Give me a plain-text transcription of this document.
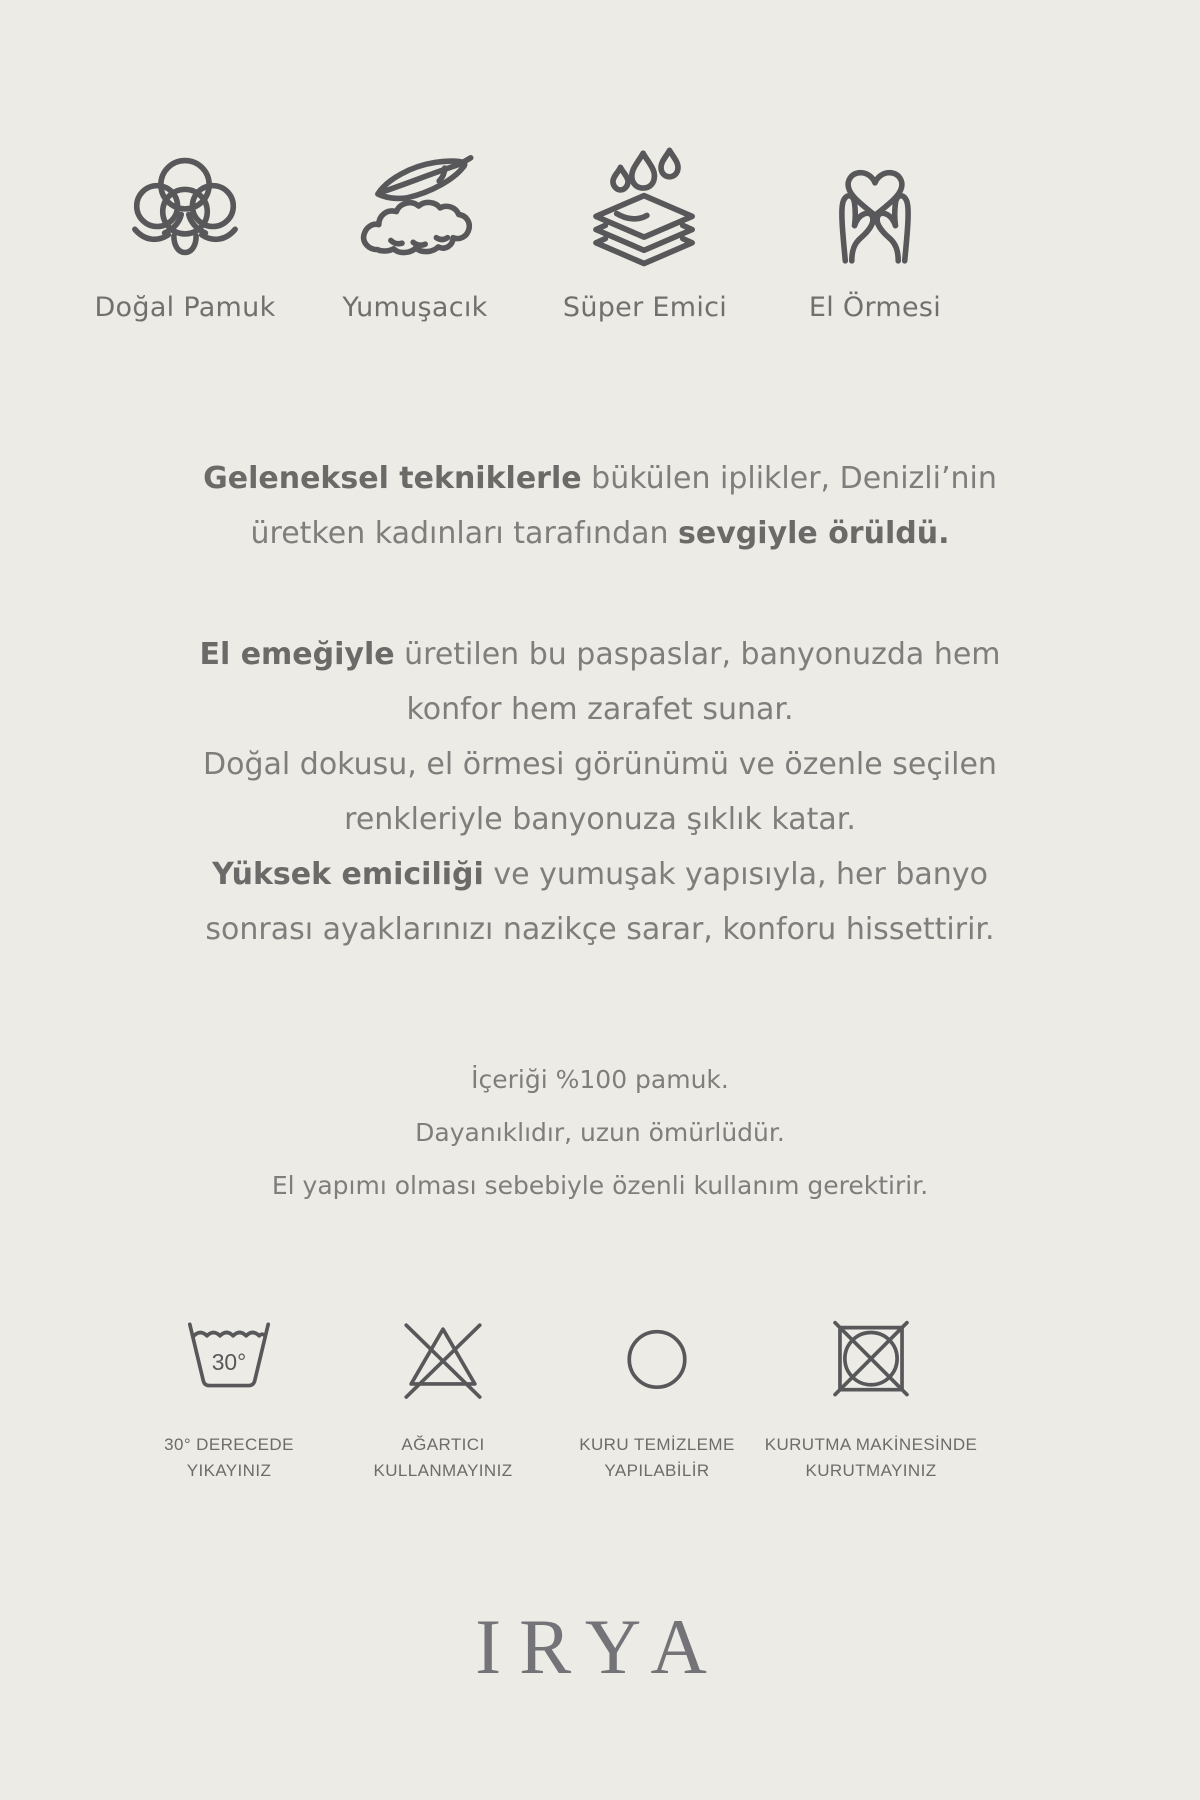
Doğal Pamuk Yumuşacık	Süper Emici	El Örmesi
Geleneksel tekniklerle bükülen iplikler, Denizli’nin
üretken kadınları tarafından sevgiyle örüldü.
El emeğiyle üretilen bu paspaslar, banyonuzda hem
konfor hem zarafet sunar.
Doğal dokusu, el örmesi görünümü ve özenle seçilen
renkleriyle banyonuza şıklık katar.
Yüksek emiciliği ve yumuşak yapısıyla, her banyo
sonrası ayaklarınızı nazikçe sarar, konforu hissettirir.
İçeriği %100 pamuk.
Dayanıklıdır, uzun ömürlüdür.
El yapımı olması sebebiyle özenli kullanım gerektirir.
30°
30° DERECEDE
YIKAYINIZ
AĞARTICI
KULLANMAYINIZ
KURU TEMİZLEME
YAPILABİLİR
KURUTMA MAKİNESİNDE
KURUTMAYINIZ
IRYA
